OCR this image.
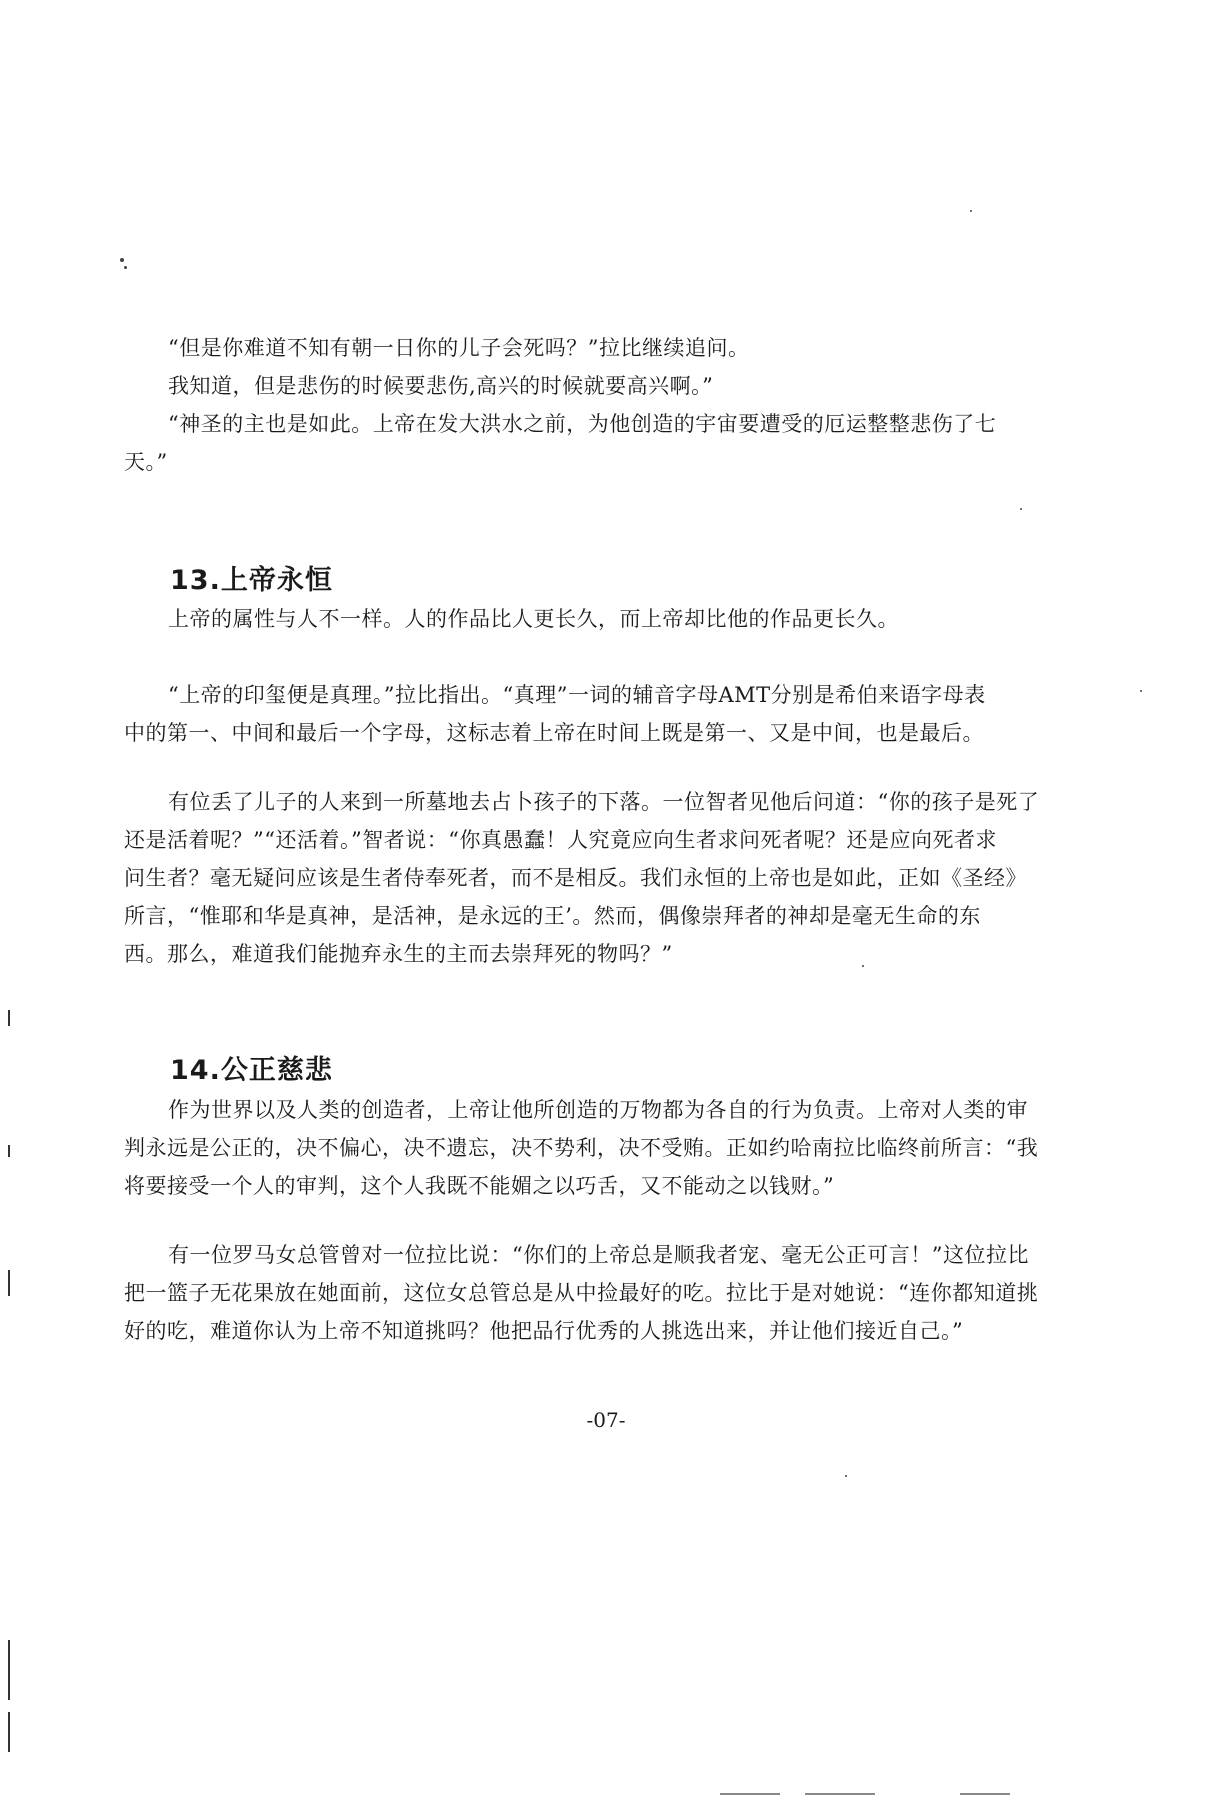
“但是你难道不知有朝一日你的儿子会死吗？”拉比继续追问。
我知道，但是悲伤的时候要悲伤,高兴的时候就要高兴啊。”
“神圣的主也是如此。上帝在发大洪水之前，为他创造的宇宙要遭受的厄运整整悲伤了七
天。”
13.上帝永恒
上帝的属性与人不一样。人的作品比人更长久，而上帝却比他的作品更长久。
“上帝的印玺便是真理。”拉比指出。“真理”一词的辅音字母AMT分别是希伯来语字母表
中的第一、中间和最后一个字母，这标志着上帝在时间上既是第一、又是中间，也是最后。
有位丢了儿子的人来到一所墓地去占卜孩子的下落。一位智者见他后问道：“你的孩子是死了
还是活着呢？”“还活着。”智者说：“你真愚蠢！人究竟应向生者求问死者呢？还是应向死者求
问生者？毫无疑问应该是生者侍奉死者，而不是相反。我们永恒的上帝也是如此，正如《圣经》
所言，“惟耶和华是真神，是活神，是永远的王’。然而，偶像崇拜者的神却是毫无生命的东
西。那么，难道我们能抛弃永生的主而去崇拜死的物吗？”
14.公正慈悲
作为世界以及人类的创造者，上帝让他所创造的万物都为各自的行为负责。上帝对人类的审
判永远是公正的，决不偏心，决不遗忘，决不势利，决不受贿。正如约哈南拉比临终前所言：“我
将要接受一个人的审判，这个人我既不能媚之以巧舌，又不能动之以钱财。”
有一位罗马女总管曾对一位拉比说：“你们的上帝总是顺我者宠、毫无公正可言！”这位拉比
把一篮子无花果放在她面前，这位女总管总是从中捡最好的吃。拉比于是对她说：“连你都知道挑
好的吃，难道你认为上帝不知道挑吗？他把品行优秀的人挑选出来，并让他们接近自己。”
-07-
